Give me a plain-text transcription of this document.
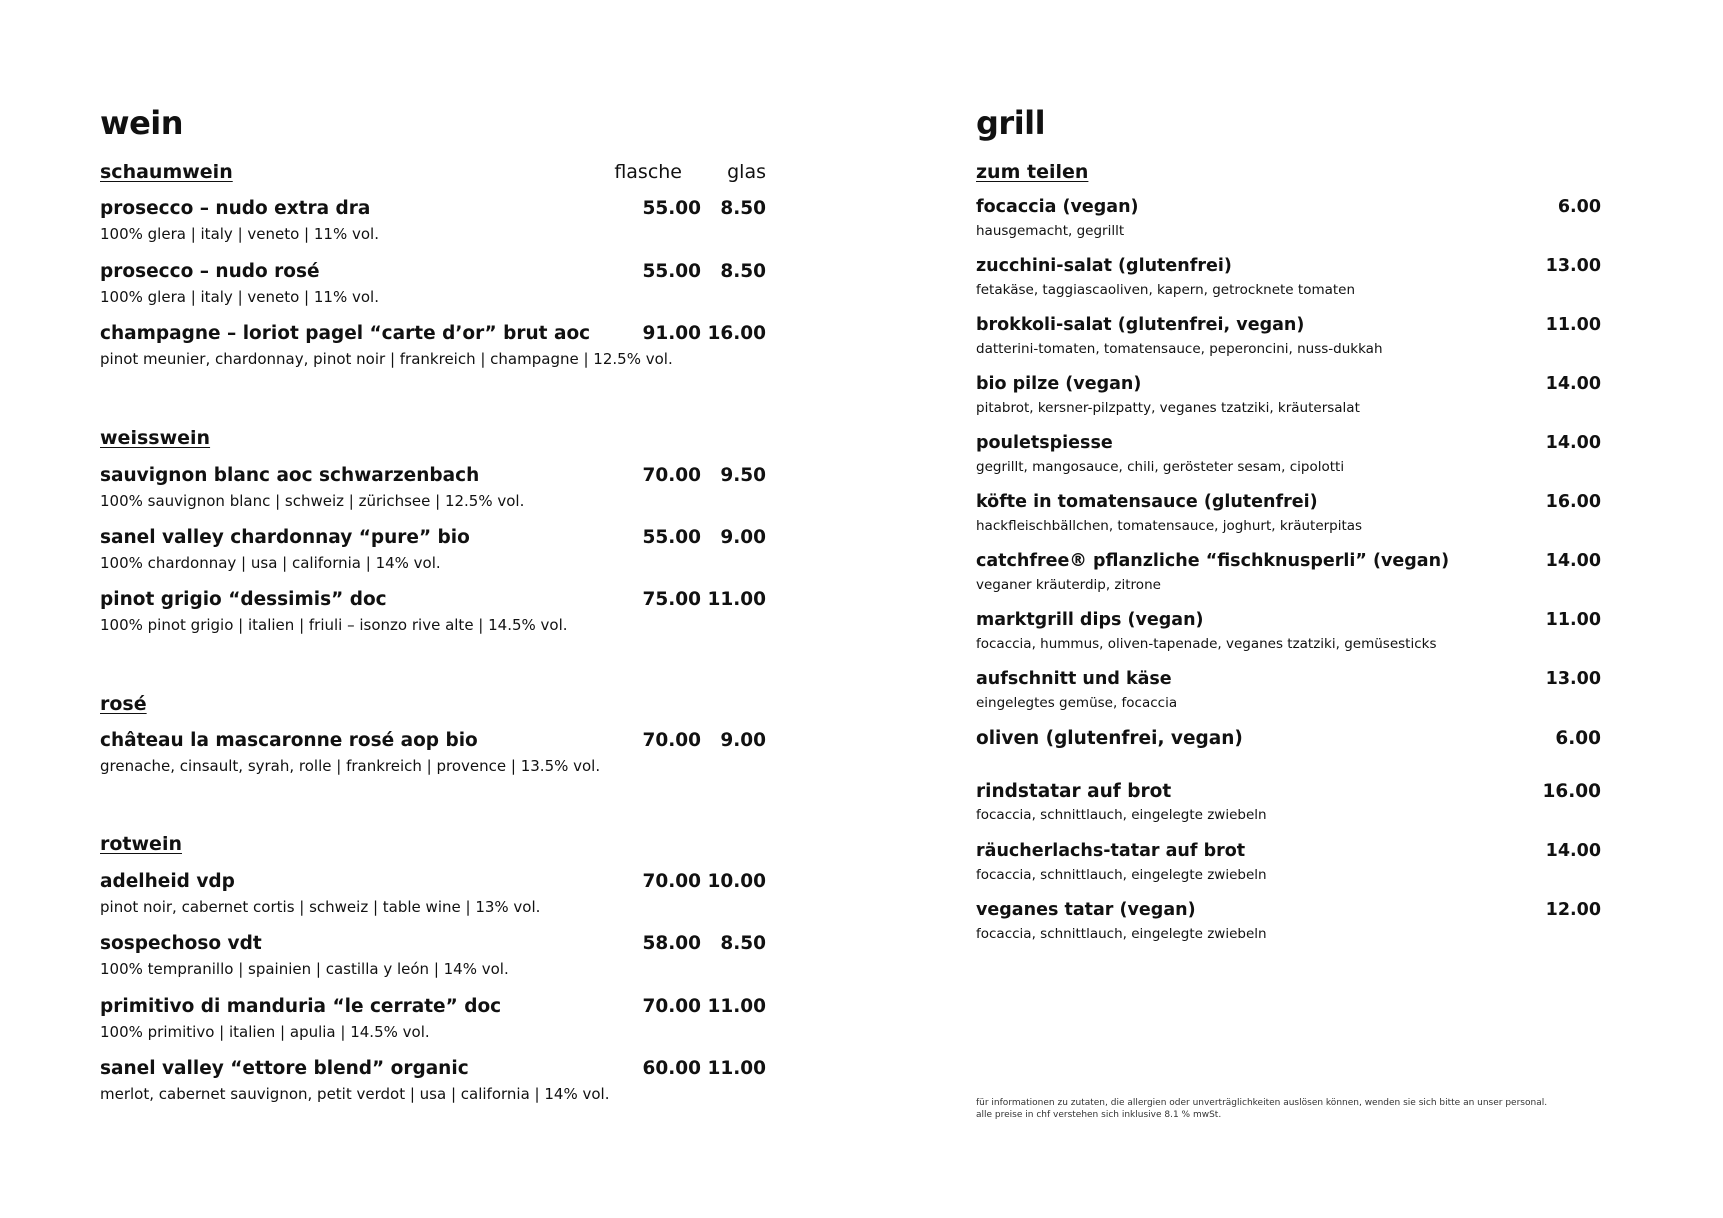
wein
schaumwein	flasche glas
prosecco – nudo extra dra	55.00 8.50
100% glera | italy | veneto | 11% vol.
prosecco – nudo rosé	55.00 8.50
100% glera | italy | veneto | 11% vol.
champagne – loriot pagel “carte d’or” brut aoc	91.00 16.00
pinot meunier, chardonnay, pinot noir | frankreich | champagne | 12.5% vol.
weisswein
sauvignon blanc aoc schwarzenbach	70.00 9.50
100% sauvignon blanc | schweiz | zürichsee | 12.5% vol.
sanel valley chardonnay “pure” bio	55.00 9.00
100% chardonnay | usa | california | 14% vol.
pinot grigio “dessimis” doc	75.00 11.00
100% pinot grigio | italien | friuli – isonzo rive alte | 14.5% vol.
rosé
château la mascaronne rosé aop bio	70.00 9.00
grenache, cinsault, syrah, rolle | frankreich | provence | 13.5% vol.
rotwein
adelheid vdp	70.00 10.00
pinot noir, cabernet cortis | schweiz | table wine | 13% vol.
sospechoso vdt	58.00 8.50
100% tempranillo | spainien | castilla y león | 14% vol.
primitivo di manduria “le cerrate” doc	70.00 11.00
100% primitivo | italien | apulia | 14.5% vol.
sanel valley “ettore blend” organic	60.00 11.00
merlot, cabernet sauvignon, petit verdot | usa | california | 14% vol.
grill
zum teilen
focaccia (vegan)	6.00
hausgemacht, gegrillt
zucchini-salat (glutenfrei)	13.00
fetakäse, taggiascaoliven, kapern, getrocknete tomaten
brokkoli-salat (glutenfrei, vegan)	11.00
datterini-tomaten, tomatensauce, peperoncini, nuss-dukkah
bio pilze (vegan)	14.00
pitabrot, kersner-pilzpatty, veganes tzatziki, kräutersalat
pouletspiesse	14.00
gegrillt, mangosauce, chili, gerösteter sesam, cipolotti
köfte in tomatensauce (glutenfrei)	16.00
hackfleischbällchen, tomatensauce, joghurt, kräuterpitas
catchfree® pflanzliche “fischknusperli” (vegan)	14.00
veganer kräuterdip, zitrone
marktgrill dips (vegan)	11.00
focaccia, hummus, oliven-tapenade, veganes tzatziki, gemüsesticks
aufschnitt und käse	13.00
eingelegtes gemüse, focaccia
oliven (glutenfrei, vegan)	6.00
rindstatar auf brot	16.00
focaccia, schnittlauch, eingelegte zwiebeln
räucherlachs-tatar auf brot	14.00
focaccia, schnittlauch, eingelegte zwiebeln
veganes tatar (vegan)	12.00
focaccia, schnittlauch, eingelegte zwiebeln
für informationen zu zutaten, die allergien oder unverträglichkeiten auslösen können, wenden sie sich bitte an unser personal.
alle preise in chf verstehen sich inklusive 8.1 % mwSt.
